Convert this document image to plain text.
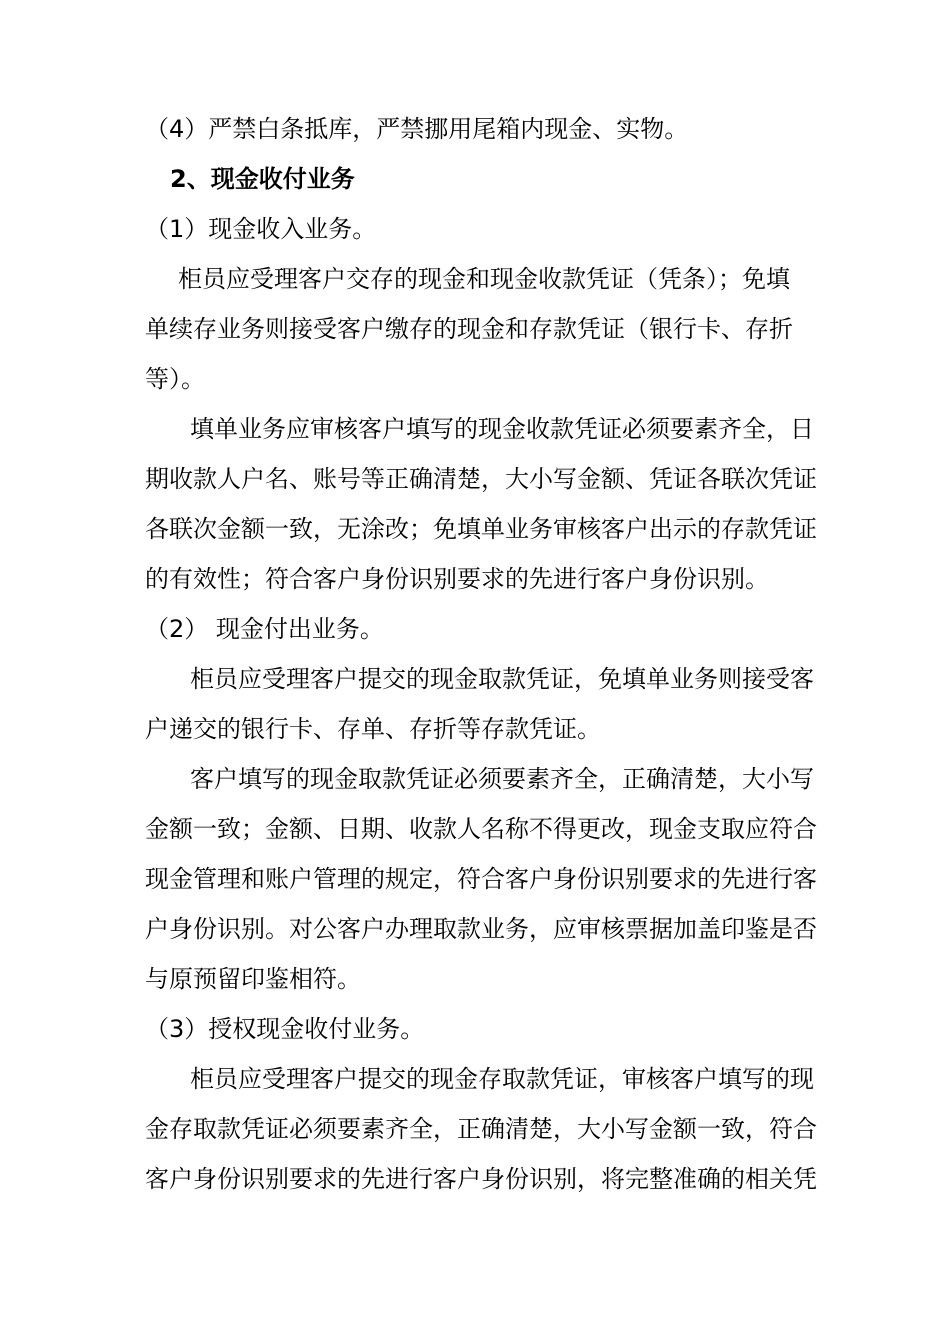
（4）严禁白条抵库，严禁挪用尾箱内现金、实物。
2、现金收付业务
（1）现金收入业务。
柜员应受理客户交存的现金和现金收款凭证（凭条）；免填
单续存业务则接受客户缴存的现金和存款凭证（银行卡、存折
等）。
填单业务应审核客户填写的现金收款凭证必须要素齐全，日
期收款人户名、账号等正确清楚，大小写金额、凭证各联次凭证
各联次金额一致，无涂改；免填单业务审核客户出示的存款凭证
的有效性；符合客户身份识别要求的先进行客户身份识别。
（2） 现金付出业务。
柜员应受理客户提交的现金取款凭证，免填单业务则接受客
户递交的银行卡、存单、存折等存款凭证。
客户填写的现金取款凭证必须要素齐全，正确清楚，大小写
金额一致；金额、日期、收款人名称不得更改，现金支取应符合
现金管理和账户管理的规定，符合客户身份识别要求的先进行客
户身份识别。对公客户办理取款业务，应审核票据加盖印鉴是否
与原预留印鉴相符。
（3）授权现金收付业务。
柜员应受理客户提交的现金存取款凭证，审核客户填写的现
金存取款凭证必须要素齐全，正确清楚，大小写金额一致，符合
客户身份识别要求的先进行客户身份识别，将完整准确的相关凭
